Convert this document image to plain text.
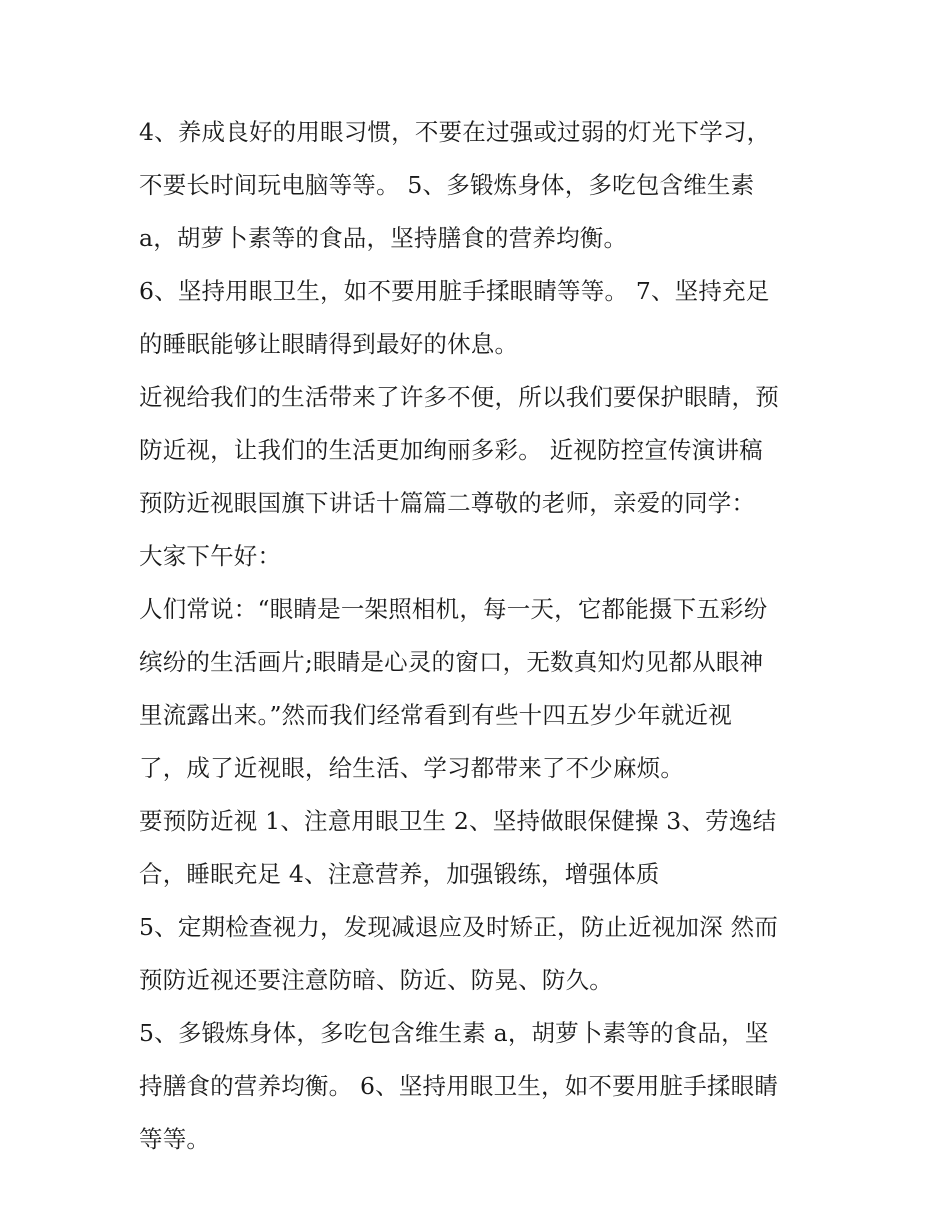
4、养成良好的用眼习惯，不要在过强或过弱的灯光下学习，
不要长时间玩电脑等等。 5、多锻炼身体，多吃包含维生素
a，胡萝卜素等的食品，坚持膳食的营养均衡。
6、坚持用眼卫生，如不要用脏手揉眼睛等等。 7、坚持充足
的睡眠能够让眼睛得到最好的休息。
近视给我们的生活带来了许多不便，所以我们要保护眼睛，预
防近视，让我们的生活更加绚丽多彩。 近视防控宣传演讲稿
预防近视眼国旗下讲话十篇篇二尊敬的老师，亲爱的同学：
大家下午好：
人们常说：“眼睛是一架照相机，每一天，它都能摄下五彩纷
缤纷的生活画片;眼睛是心灵的窗口，无数真知灼见都从眼神
里流露出来。”然而我们经常看到有些十四五岁少年就近视
了，成了近视眼，给生活、学习都带来了不少麻烦。
要预防近视 1、注意用眼卫生 2、坚持做眼保健操 3、劳逸结
合，睡眠充足 4、注意营养，加强锻练，增强体质
5、定期检查视力，发现减退应及时矫正，防止近视加深 然而
预防近视还要注意防暗、防近、防晃、防久。
5、多锻炼身体，多吃包含维生素 a，胡萝卜素等的食品，坚
持膳食的营养均衡。 6、坚持用眼卫生，如不要用脏手揉眼睛
等等。
